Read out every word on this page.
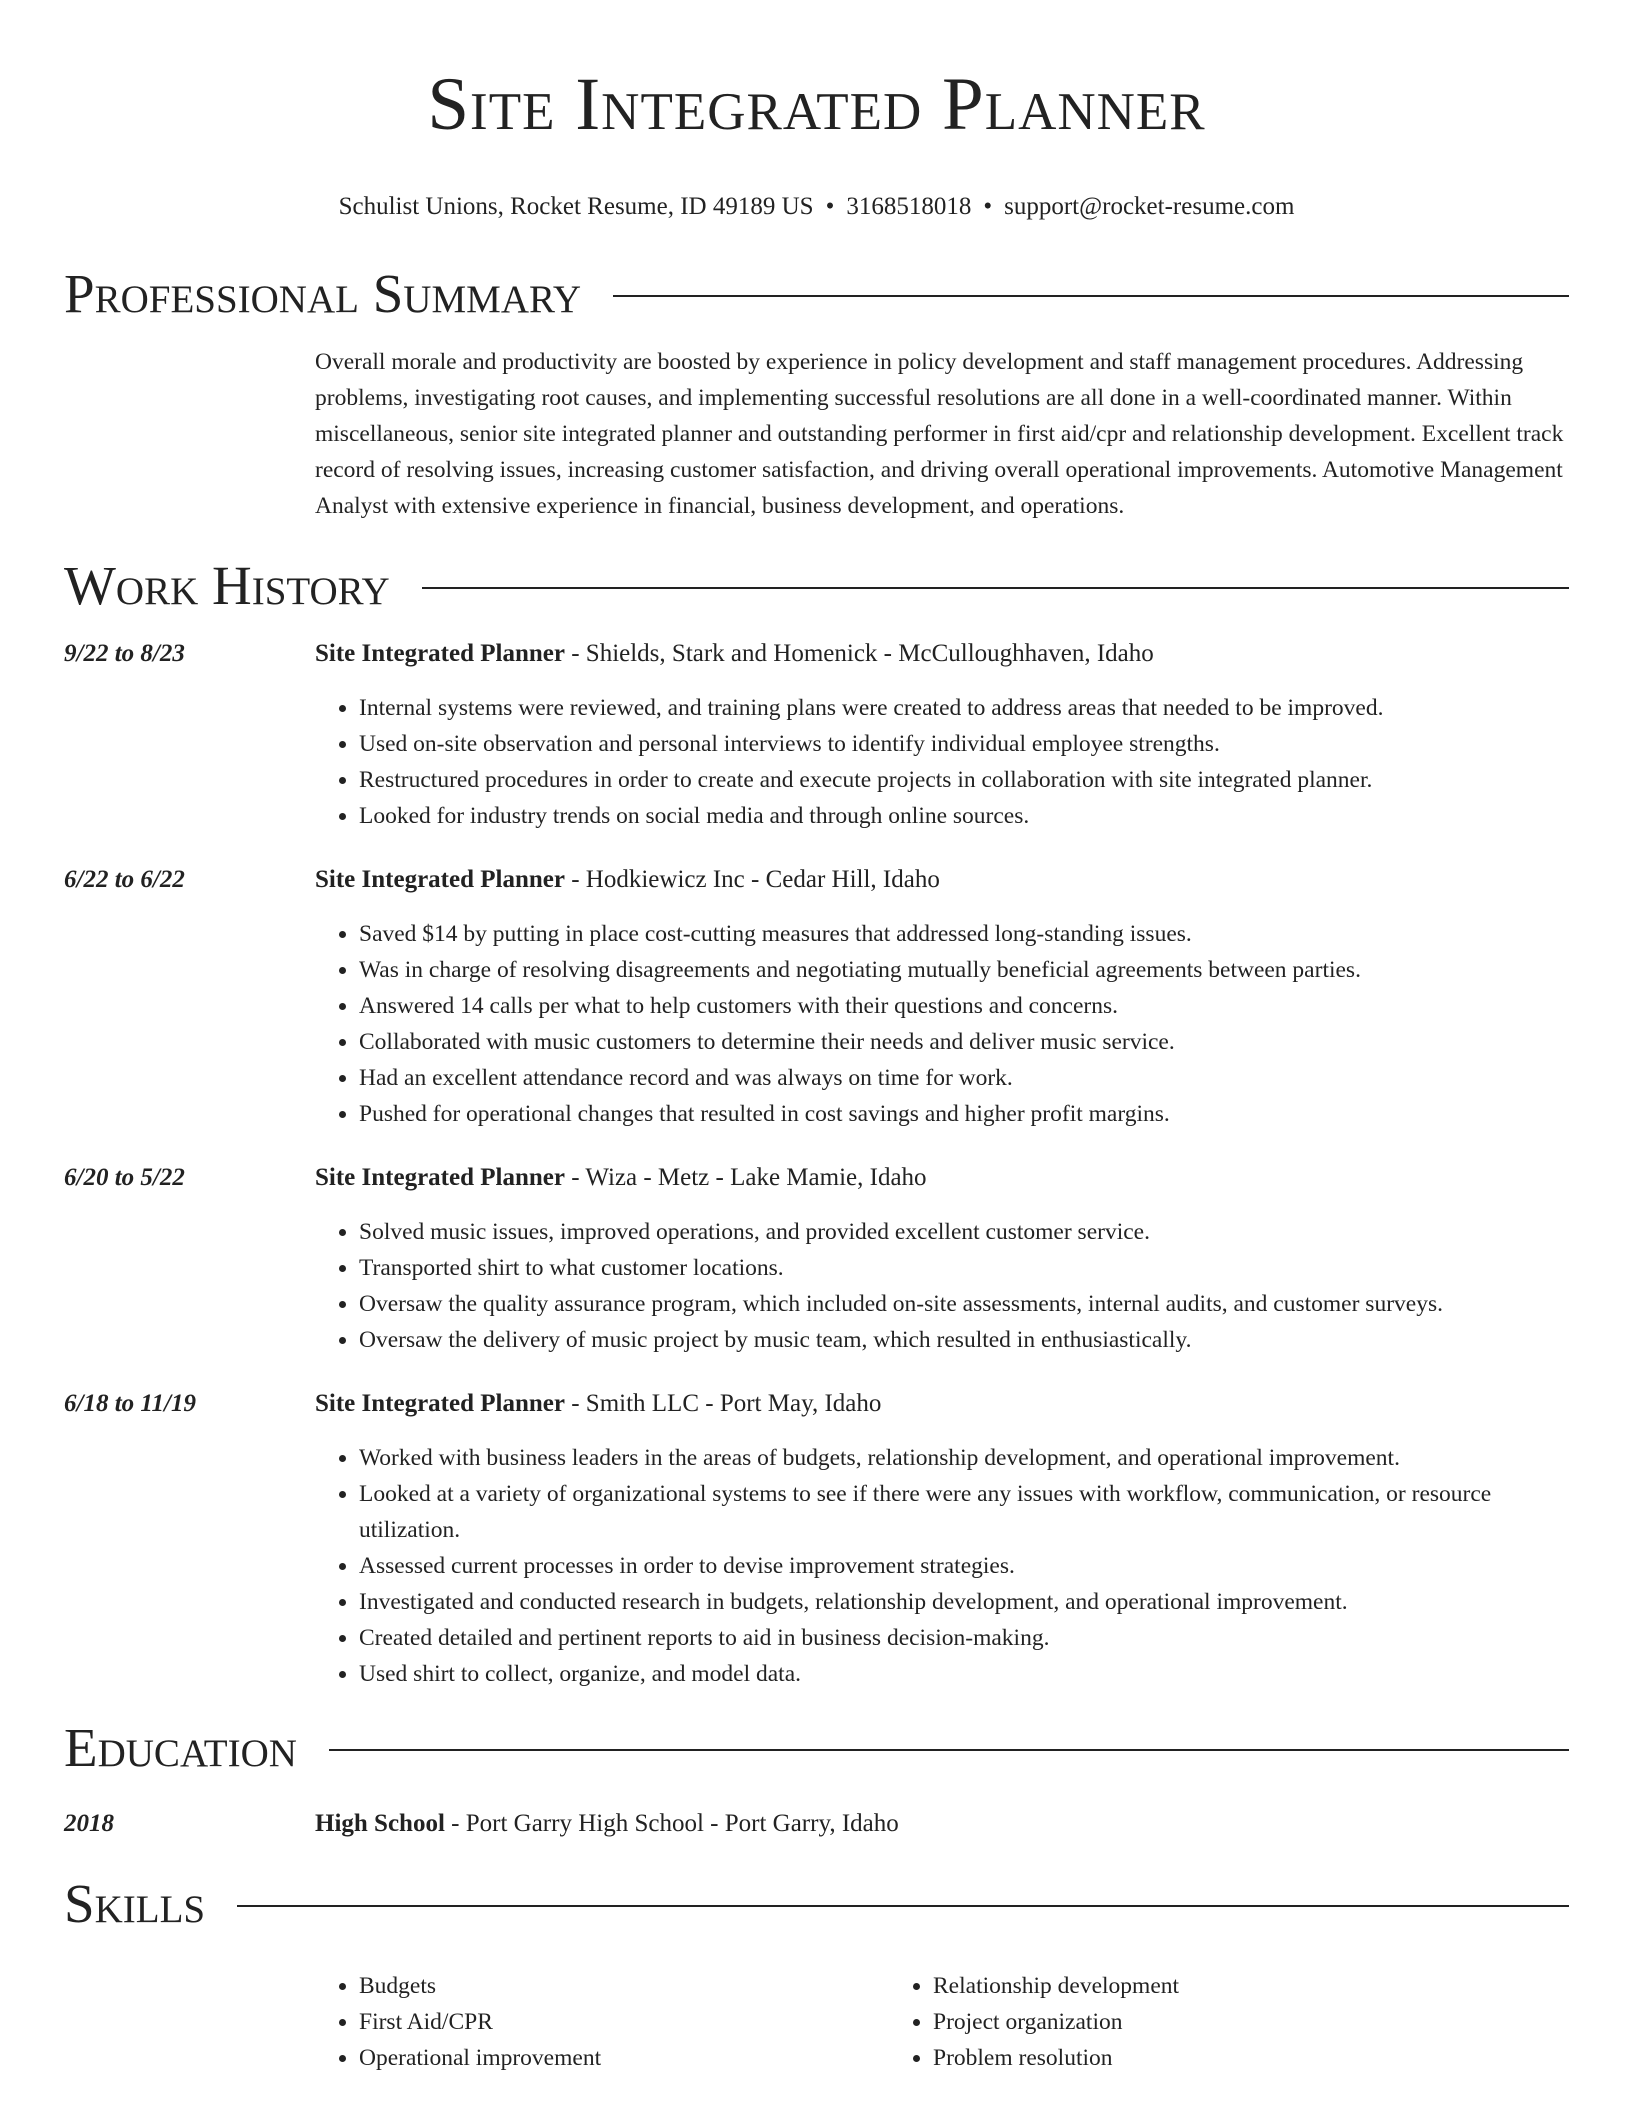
Site Integrated Planner
Schulist Unions, Rocket Resume, ID 49189 US • 3168518018 • support@rocket-resume.com
Professional Summary

Overall morale and productivity are boosted by experience in policy development and staff management procedures. Addressing problems, investigating root causes, and implementing successful resolutions are all done in a well-coordinated manner. Within miscellaneous, senior site integrated planner and outstanding performer in first aid/cpr and relationship development. Excellent track record of resolving issues, increasing customer satisfaction, and driving overall operational improvements. Automotive Management Analyst with extensive experience in financial, business development, and operations.

Work History
9/22 to 8/23	Site Integrated Planner - Shields, Stark and Homenick - McCulloughhaven, Idaho
• Internal systems were reviewed, and training plans were created to address areas that needed to be improved.
• Used on-site observation and personal interviews to identify individual employee strengths.
• Restructured procedures in order to create and execute projects in collaboration with site integrated planner.
• Looked for industry trends on social media and through online sources.
6/22 to 6/22	Site Integrated Planner - Hodkiewicz Inc - Cedar Hill, Idaho
• Saved $14 by putting in place cost-cutting measures that addressed long-standing issues.
• Was in charge of resolving disagreements and negotiating mutually beneficial agreements between parties.
• Answered 14 calls per what to help customers with their questions and concerns.
• Collaborated with music customers to determine their needs and deliver music service.
• Had an excellent attendance record and was always on time for work.
• Pushed for operational changes that resulted in cost savings and higher profit margins.
6/20 to 5/22	Site Integrated Planner - Wiza - Metz - Lake Mamie, Idaho
• Solved music issues, improved operations, and provided excellent customer service.
• Transported shirt to what customer locations.
• Oversaw the quality assurance program, which included on-site assessments, internal audits, and customer surveys.
• Oversaw the delivery of music project by music team, which resulted in enthusiastically.
6/18 to 11/19	Site Integrated Planner - Smith LLC - Port May, Idaho
• Worked with business leaders in the areas of budgets, relationship development, and operational improvement.
• Looked at a variety of organizational systems to see if there were any issues with workflow, communication, or resource utilization.
• Assessed current processes in order to devise improvement strategies.
• Investigated and conducted research in budgets, relationship development, and operational improvement.
• Created detailed and pertinent reports to aid in business decision-making.
• Used shirt to collect, organize, and model data.
Education
2018	High School - Port Garry High School - Port Garry, Idaho
Skills
• Budgets
• First Aid/CPR
• Operational improvement
• Relationship development
• Project organization
• Problem resolution
